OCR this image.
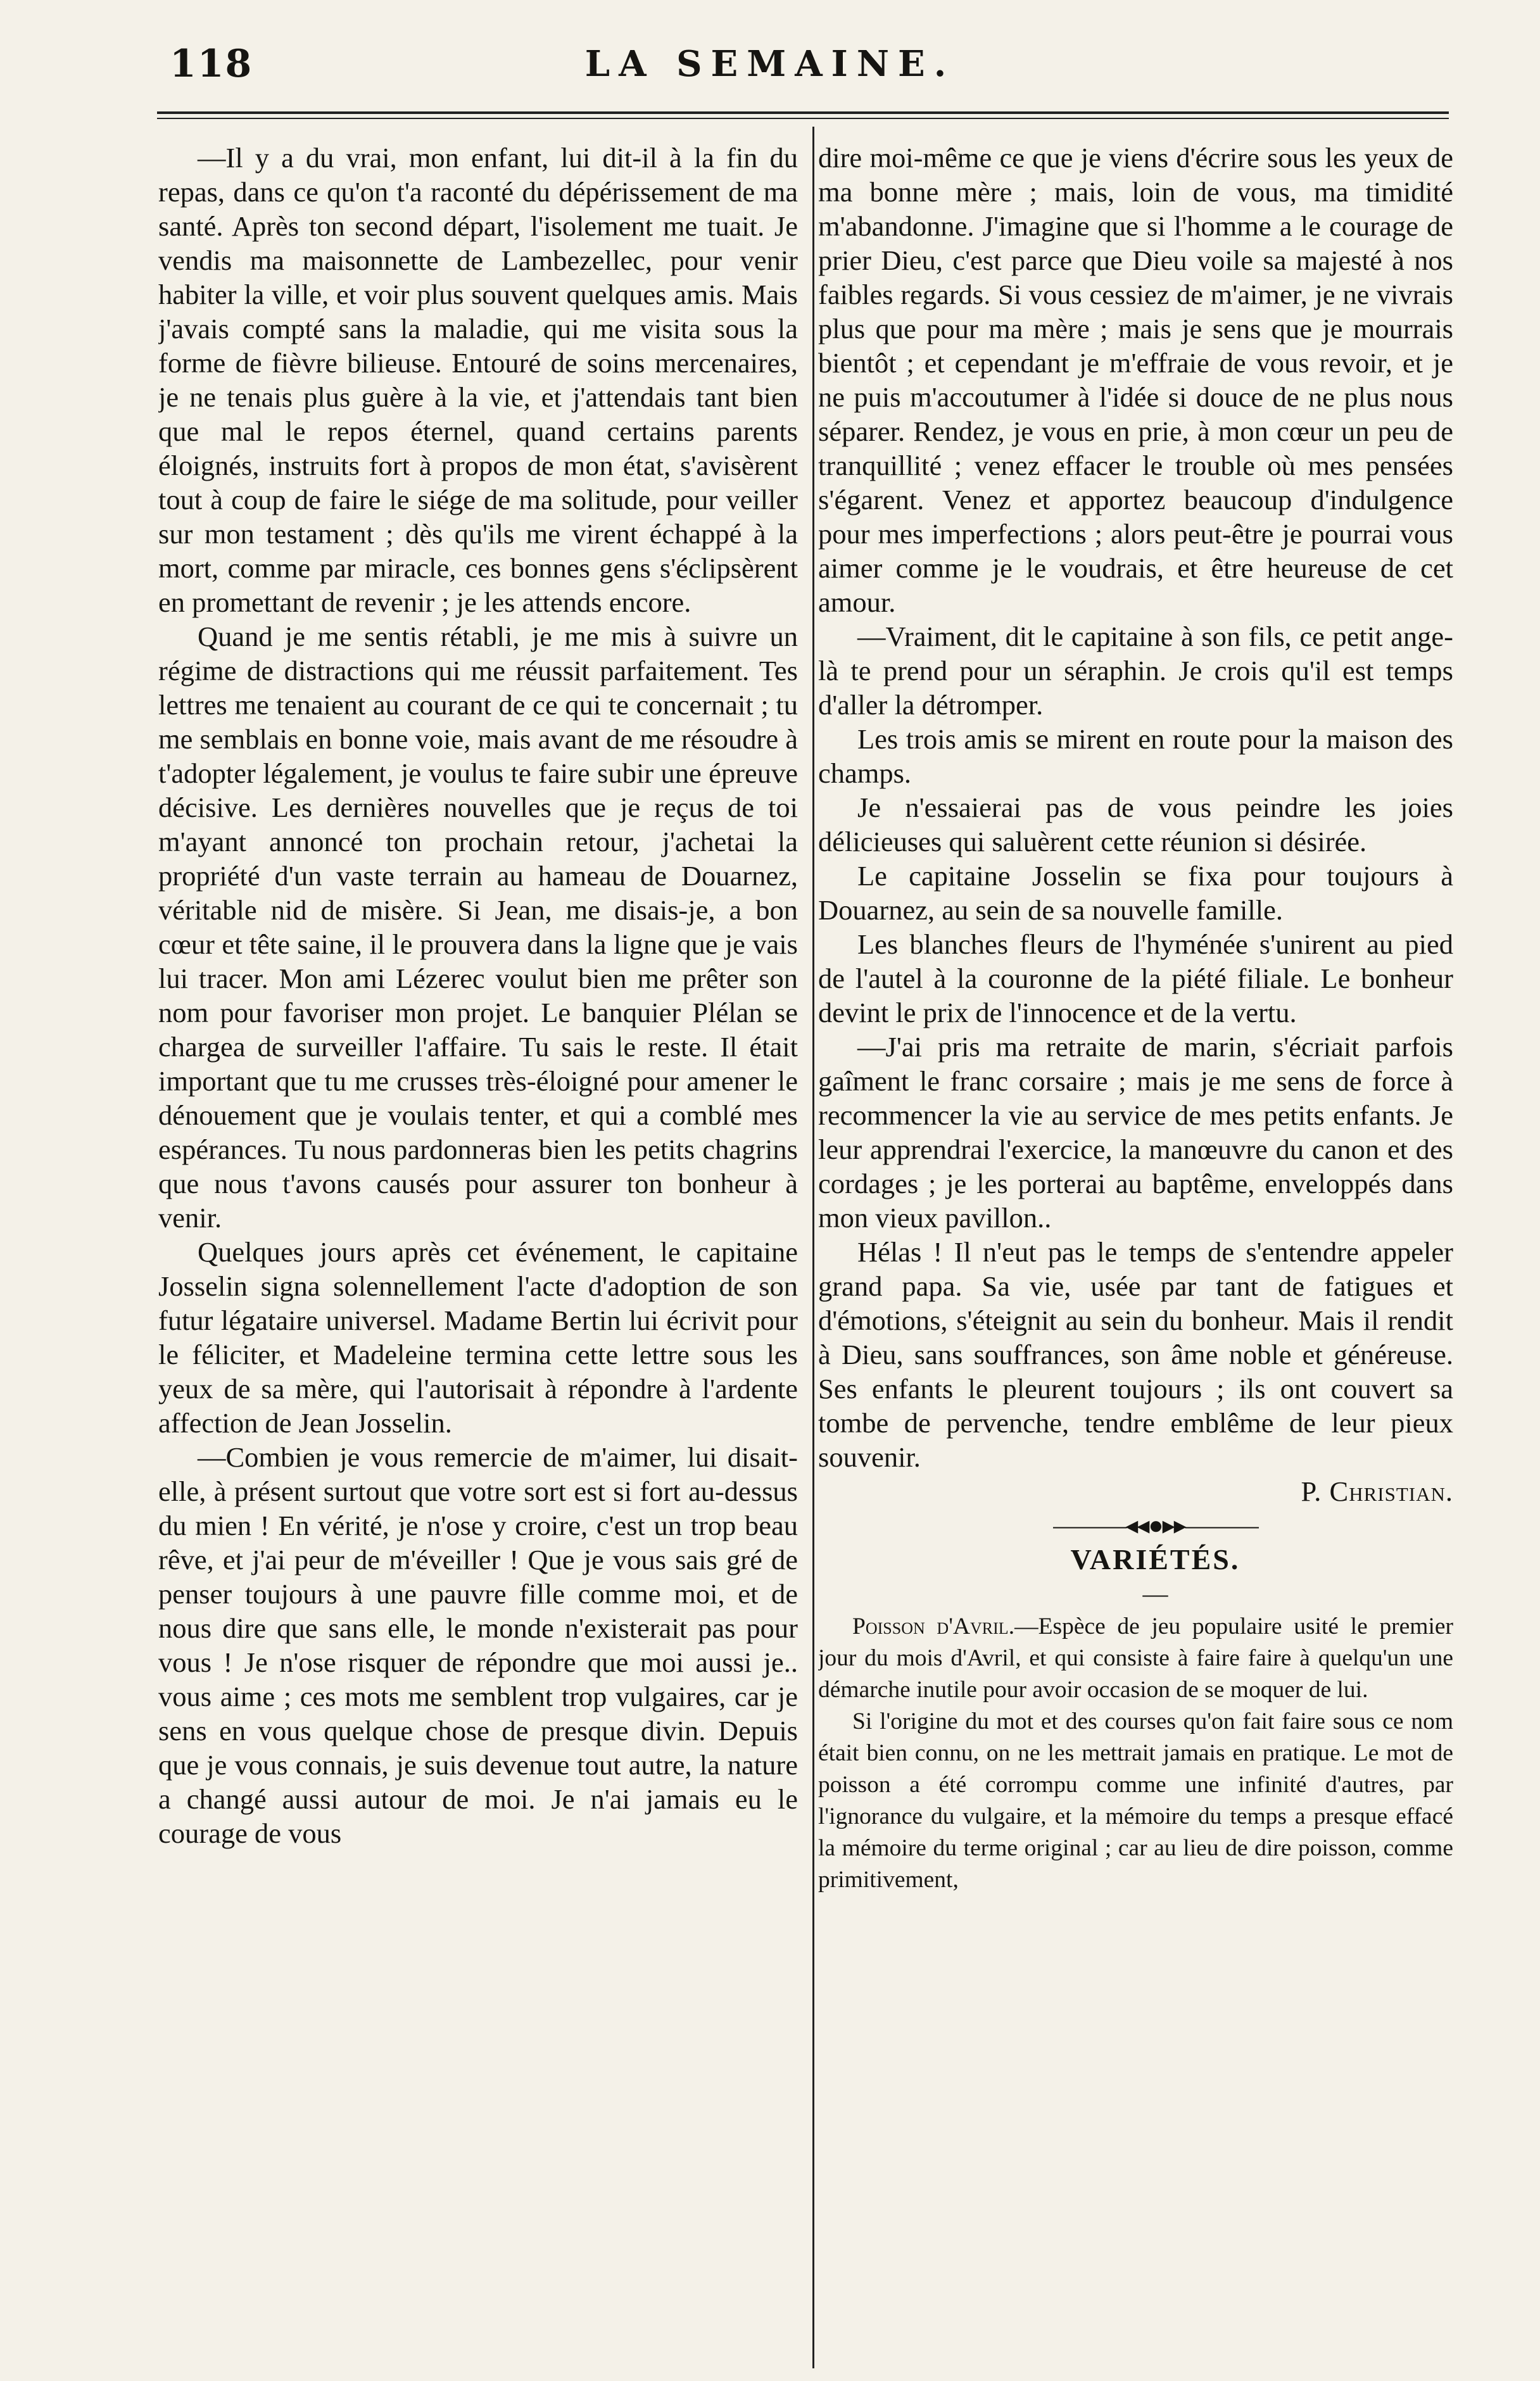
118	LA SEMAINE.

—Il y a du vrai, mon enfant, lui dit-il à la fin du repas, dans ce qu'on t'a raconté du dépérissement de ma santé. Après ton second départ, l'isolement me tuait. Je vendis ma maisonnette de Lambezellec, pour venir habiter la ville, et voir plus souvent quelques amis. Mais j'avais compté sans la maladie, qui me visita sous la forme de fièvre bilieuse. Entouré de soins mercenaires, je ne tenais plus guère à la vie, et j'attendais tant bien que mal le repos éternel, quand certains parents éloignés, instruits fort à propos de mon état, s'avisèrent tout à coup de faire le siége de ma solitude, pour veiller sur mon testament ; dès qu'ils me virent échappé à la mort, comme par miracle, ces bonnes gens s'éclipsèrent en promettant de revenir ; je les attends encore.

Quand je me sentis rétabli, je me mis à suivre un régime de distractions qui me réussit parfaitement. Tes lettres me tenaient au courant de ce qui te concernait ; tu me semblais en bonne voie, mais avant de me résoudre à t'adopter légalement, je voulus te faire subir une épreuve décisive. Les dernières nouvelles que je reçus de toi m'ayant annoncé ton prochain retour, j'achetai la propriété d'un vaste terrain au hameau de Douarnez, véritable nid de misère. Si Jean, me disais-je, a bon cœur et tête saine, il le prouvera dans la ligne que je vais lui tracer. Mon ami Lézerec voulut bien me prêter son nom pour favoriser mon projet. Le banquier Plélan se chargea de surveiller l'affaire. Tu sais le reste. Il était important que tu me crusses très-éloigné pour amener le dénouement que je voulais tenter, et qui a comblé mes espérances. Tu nous pardonneras bien les petits chagrins que nous t'avons causés pour assurer ton bonheur à venir.

Quelques jours après cet événement, le capitaine Josselin signa solennellement l'acte d'adoption de son futur légataire universel. Madame Bertin lui écrivit pour le féliciter, et Madeleine termina cette lettre sous les yeux de sa mère, qui l'autorisait à répondre à l'ardente affection de Jean Josselin.

—Combien je vous remercie de m'aimer, lui disait-elle, à présent surtout que votre sort est si fort au-dessus du mien ! En vérité, je n'ose y croire, c'est un trop beau rêve, et j'ai peur de m'éveiller ! Que je vous sais gré de penser toujours à une pauvre fille comme moi, et de nous dire que sans elle, le monde n'existerait pas pour vous ! Je n'ose risquer de répondre que moi aussi je.. vous aime ; ces mots me semblent trop vulgaires, car je sens en vous quelque chose de presque divin. Depuis que je vous connais, je suis devenue tout autre, la nature a changé aussi autour de moi. Je n'ai jamais eu le courage de vous

dire moi-même ce que je viens d'écrire sous les yeux de ma bonne mère ; mais, loin de vous, ma timidité m'abandonne. J'imagine que si l'homme a le courage de prier Dieu, c'est parce que Dieu voile sa majesté à nos faibles regards. Si vous cessiez de m'aimer, je ne vivrais plus que pour ma mère ; mais je sens que je mourrais bientôt ; et cependant je m'effraie de vous revoir, et je ne puis m'accoutumer à l'idée si douce de ne plus nous séparer. Rendez, je vous en prie, à mon cœur un peu de tranquillité ; venez effacer le trouble où mes pensées s'égarent. Venez et apportez beaucoup d'indulgence pour mes imperfections ; alors peut-être je pourrai vous aimer comme je le voudrais, et être heureuse de cet amour.

—Vraiment, dit le capitaine à son fils, ce petit ange-là te prend pour un séraphin. Je crois qu'il est temps d'aller la détromper.

Les trois amis se mirent en route pour la maison des champs.

Je n'essaierai pas de vous peindre les joies délicieuses qui saluèrent cette réunion si désirée.

Le capitaine Josselin se fixa pour toujours à Douarnez, au sein de sa nouvelle famille.

Les blanches fleurs de l'hyménée s'unirent au pied de l'autel à la couronne de la piété filiale. Le bonheur devint le prix de l'innocence et de la vertu.

—J'ai pris ma retraite de marin, s'écriait parfois gaîment le franc corsaire ; mais je me sens de force à recommencer la vie au service de mes petits enfants. Je leur apprendrai l'exercice, la manœuvre du canon et des cordages ; je les porterai au baptême, enveloppés dans mon vieux pavillon..

Hélas ! Il n'eut pas le temps de s'entendre appeler grand papa. Sa vie, usée par tant de fatigues et d'émotions, s'éteignit au sein du bonheur. Mais il rendit à Dieu, sans souffrances, son âme noble et généreuse. Ses enfants le pleurent toujours ; ils ont couvert sa tombe de pervenche, tendre emblême de leur pieux souvenir.

P. Christian.

———◂◂●▸▸———

VARIÉTÉS.

—

Poisson d'Avril.—Espèce de jeu populaire usité le premier jour du mois d'Avril, et qui consiste à faire faire à quelqu'un une démarche inutile pour avoir occasion de se moquer de lui.

Si l'origine du mot et des courses qu'on fait faire sous ce nom était bien connu, on ne les mettrait jamais en pratique. Le mot de poisson a été corrompu comme une infinité d'autres, par l'ignorance du vulgaire, et la mémoire du temps a presque effacé la mémoire du terme original ; car au lieu de dire poisson, comme primitivement,
